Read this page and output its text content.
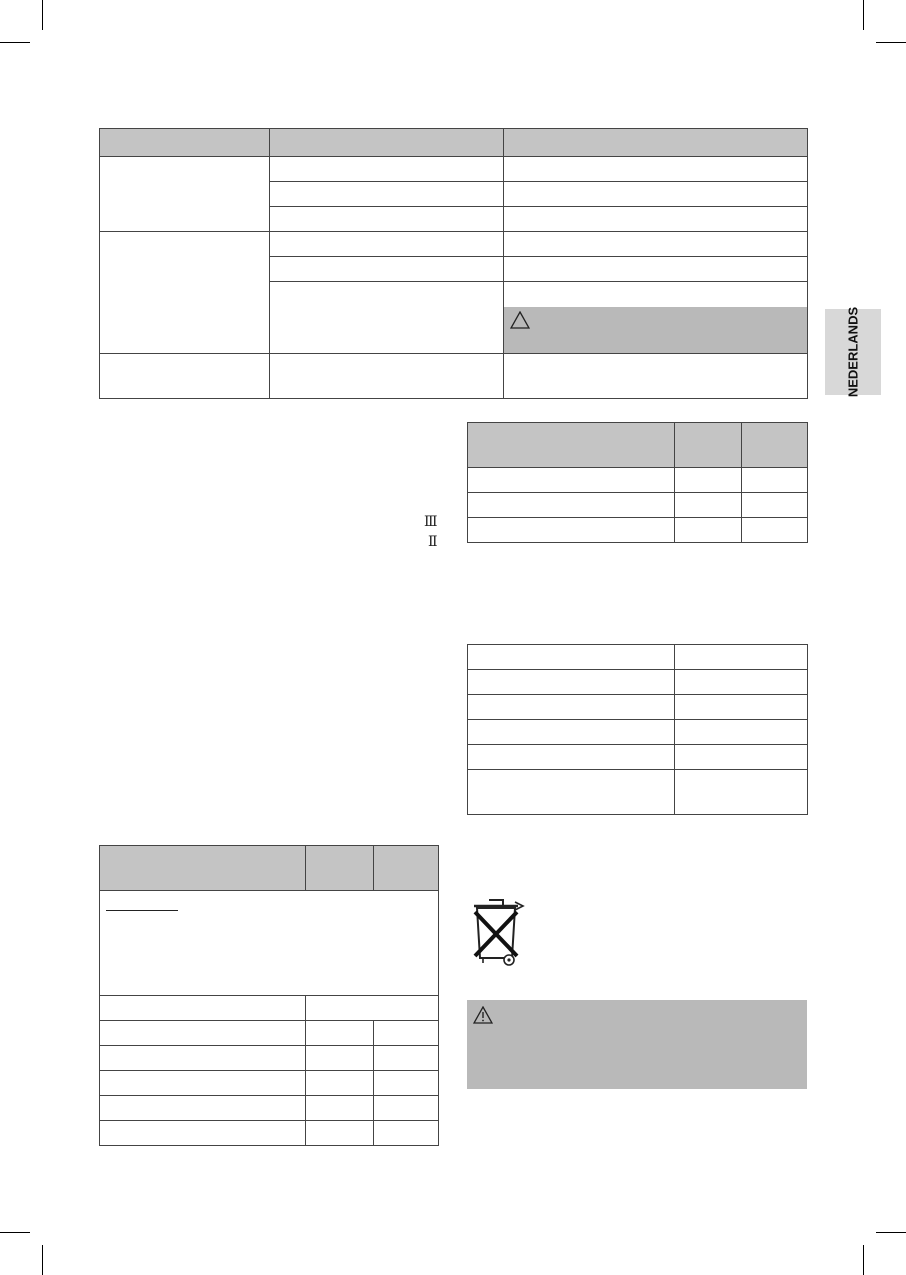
NEDERLANDS

Ⅲ
Ⅱ
